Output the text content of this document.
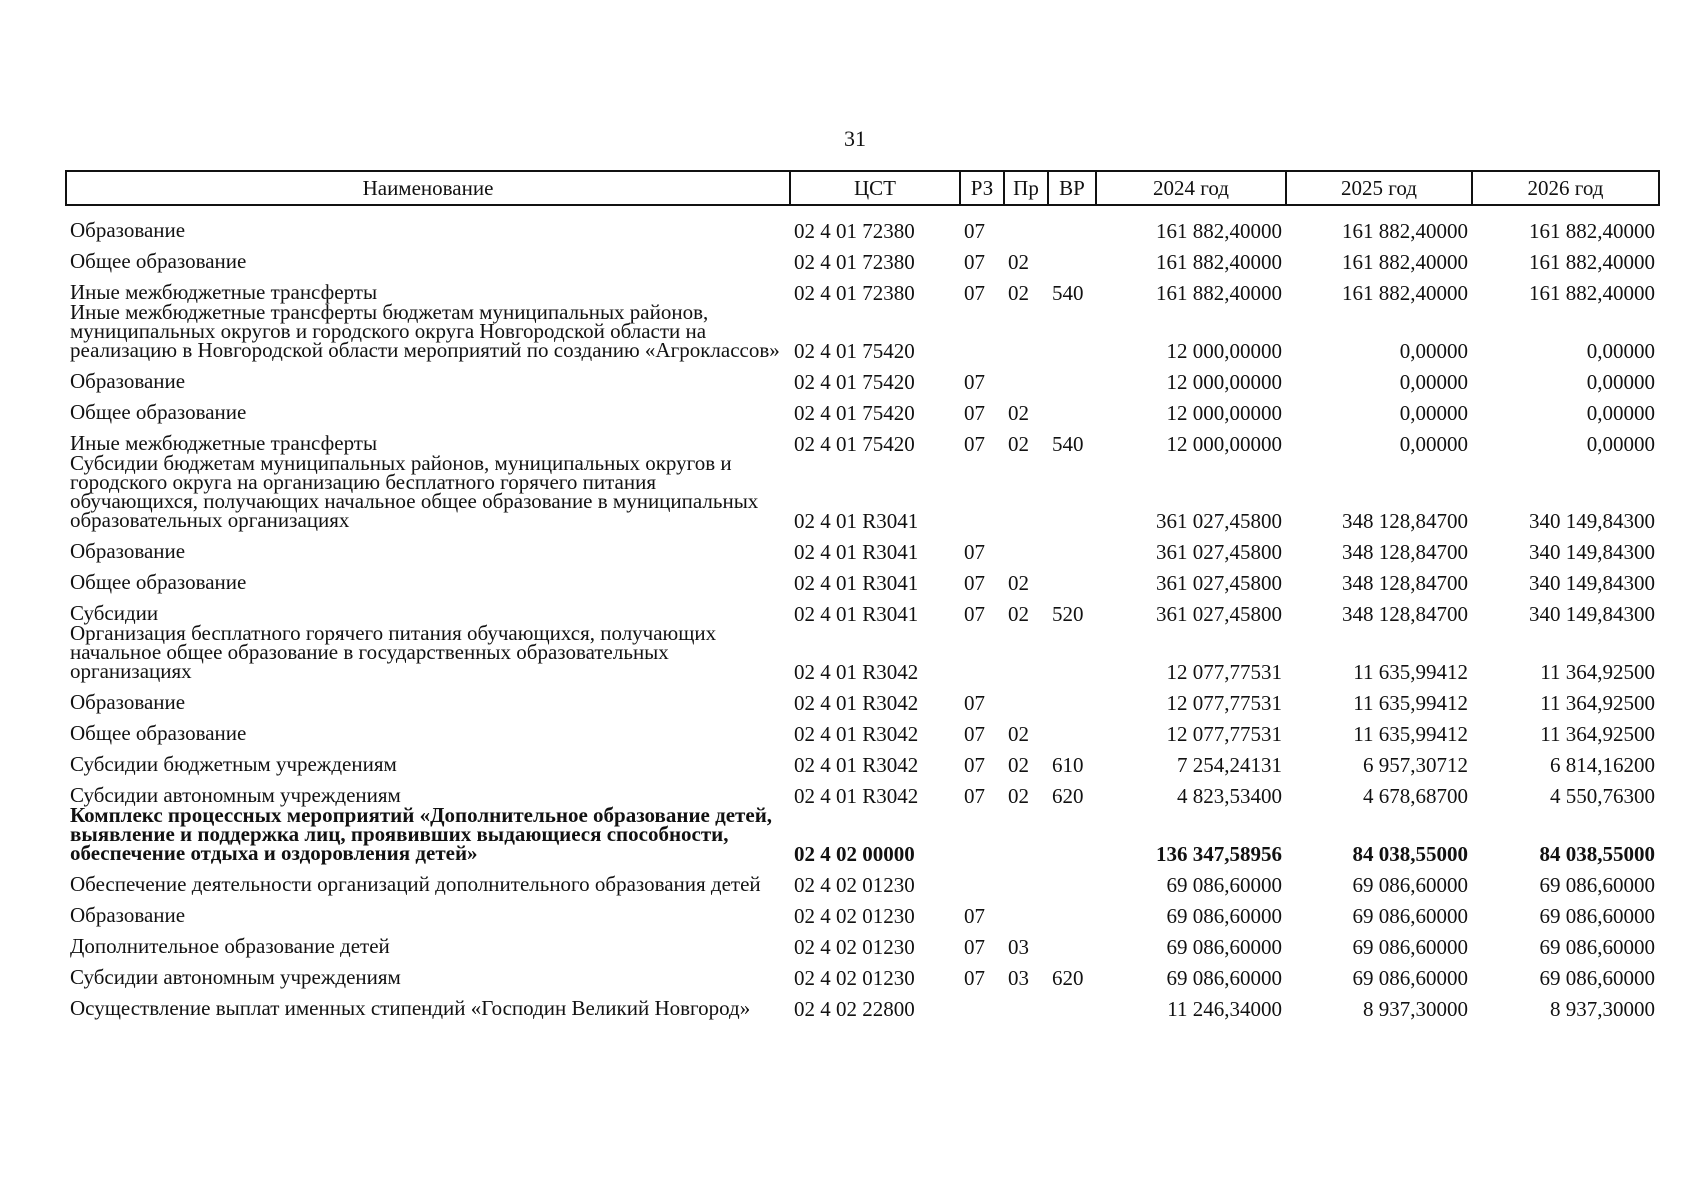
31
Наименование	ЦСТ	РЗ	Пр	ВР	2024 год	2025 год	2026 год
Образование	02 4 01 72380	07			161 882,40000	161 882,40000	161 882,40000
Общее образование	02 4 01 72380	07	02		161 882,40000	161 882,40000	161 882,40000
Иные межбюджетные трансферты	02 4 01 72380	07	02	540	161 882,40000	161 882,40000	161 882,40000
Иные межбюджетные трансферты бюджетам муниципальных районов, муниципальных округов и городского округа Новгородской области на реализацию в Новгородской области мероприятий по созданию «Агроклассов»	02 4 01 75420				12 000,00000	0,00000	0,00000
Образование	02 4 01 75420	07			12 000,00000	0,00000	0,00000
Общее образование	02 4 01 75420	07	02		12 000,00000	0,00000	0,00000
Иные межбюджетные трансферты	02 4 01 75420	07	02	540	12 000,00000	0,00000	0,00000
Субсидии бюджетам муниципальных районов, муниципальных округов и городского округа на организацию бесплатного горячего питания обучающихся, получающих начальное общее образование в муниципальных образовательных организациях	02 4 01 R3041				361 027,45800	348 128,84700	340 149,84300
Образование	02 4 01 R3041	07			361 027,45800	348 128,84700	340 149,84300
Общее образование	02 4 01 R3041	07	02		361 027,45800	348 128,84700	340 149,84300
Субсидии	02 4 01 R3041	07	02	520	361 027,45800	348 128,84700	340 149,84300
Организация бесплатного горячего питания обучающихся, получающих начальное общее образование в государственных образовательных организациях	02 4 01 R3042				12 077,77531	11 635,99412	11 364,92500
Образование	02 4 01 R3042	07			12 077,77531	11 635,99412	11 364,92500
Общее образование	02 4 01 R3042	07	02		12 077,77531	11 635,99412	11 364,92500
Субсидии бюджетным учреждениям	02 4 01 R3042	07	02	610	7 254,24131	6 957,30712	6 814,16200
Субсидии автономным учреждениям	02 4 01 R3042	07	02	620	4 823,53400	4 678,68700	4 550,76300
Комплекс процессных мероприятий «Дополнительное образование детей, выявление и поддержка лиц, проявивших выдающиеся способности, обеспечение отдыха и оздоровления детей»	02 4 02 00000				136 347,58956	84 038,55000	84 038,55000
Обеспечение деятельности организаций дополнительного образования детей	02 4 02 01230				69 086,60000	69 086,60000	69 086,60000
Образование	02 4 02 01230	07			69 086,60000	69 086,60000	69 086,60000
Дополнительное образование детей	02 4 02 01230	07	03		69 086,60000	69 086,60000	69 086,60000
Субсидии автономным учреждениям	02 4 02 01230	07	03	620	69 086,60000	69 086,60000	69 086,60000
Осуществление выплат именных стипендий «Господин Великий Новгород»	02 4 02 22800				11 246,34000	8 937,30000	8 937,30000
